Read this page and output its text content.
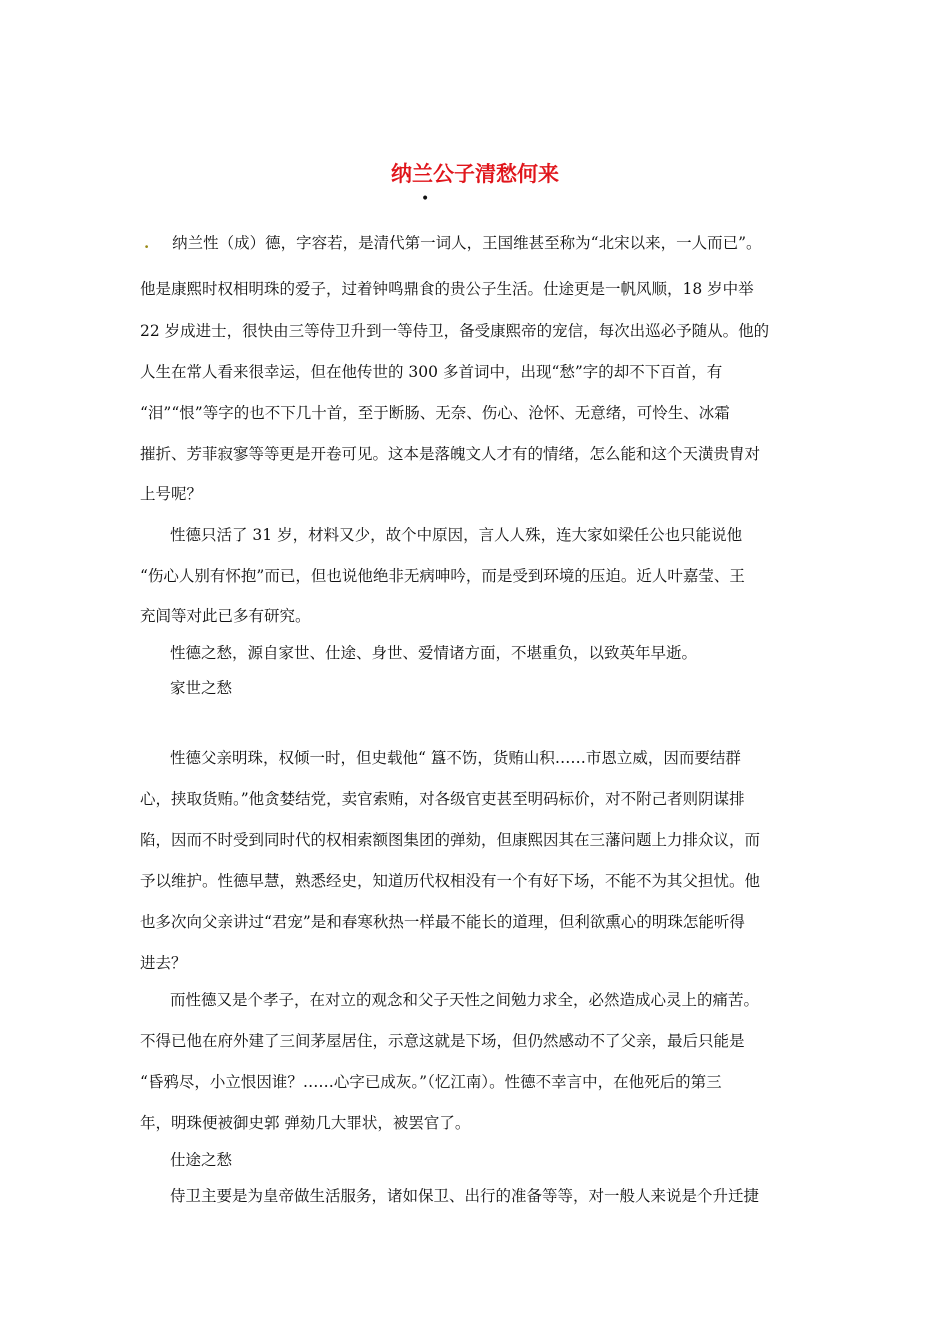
纳兰公子清愁何来
•
. 纳兰性（成）德，字容若，是清代第一词人，王国维甚至称为“北宋以来，一人而已”。
他是康熙时权相明珠的爱子，过着钟鸣鼎食的贵公子生活。仕途更是一帆风顺，18 岁中举
22 岁成进士，很快由三等侍卫升到一等侍卫，备受康熙帝的宠信，每次出巡必予随从。他的
人生在常人看来很幸运，但在他传世的 300 多首词中，出现“愁”字的却不下百首，有
“泪”“恨”等字的也不下几十首，至于断肠、无奈、伤心、沧怀、无意绪，可怜生、冰霜
摧折、芳菲寂寥等等更是开卷可见。这本是落魄文人才有的情绪，怎么能和这个天潢贵胄对
上号呢？
性德只活了 31 岁，材料又少，故个中原因，言人人殊，连大家如梁任公也只能说他
“伤心人别有怀抱”而已，但也说他绝非无病呻吟，而是受到环境的压迫。近人叶嘉莹、王
充闾等对此已多有研究。
性德之愁，源自家世、仕途、身世、爱情诸方面，不堪重负，以致英年早逝。
家世之愁
性德父亲明珠，权倾一时，但史载他“ 簋不饬，货贿山积……市恩立威，因而要结群
心，挟取货贿。”他贪婪结党，卖官索贿，对各级官吏甚至明码标价，对不附己者则阴谋排
陷，因而不时受到同时代的权相索额图集团的弹劾，但康熙因其在三藩问题上力排众议，而
予以维护。性德早慧，熟悉经史，知道历代权相没有一个有好下场，不能不为其父担忧。他
也多次向父亲讲过“君宠”是和春寒秋热一样最不能长的道理，但利欲熏心的明珠怎能听得
进去？
而性德又是个孝子，在对立的观念和父子天性之间勉力求全，必然造成心灵上的痛苦。
不得已他在府外建了三间茅屋居住，示意这就是下场，但仍然感动不了父亲，最后只能是
“昏鸦尽，小立恨因谁？……心字已成灰。”（忆江南）。性德不幸言中，在他死后的第三
年，明珠便被御史郭 弹劾几大罪状，被罢官了。
仕途之愁
侍卫主要是为皇帝做生活服务，诸如保卫、出行的准备等等，对一般人来说是个升迁捷
